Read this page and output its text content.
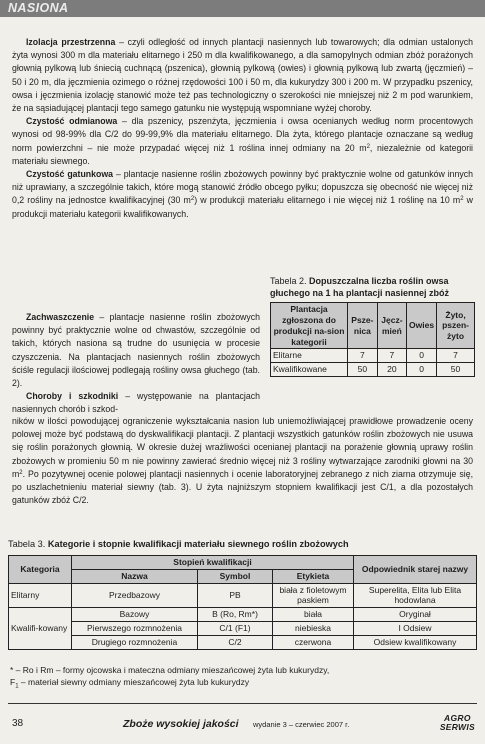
NASIONA

Izolacja przestrzenna – czyli odległość od innych plantacji nasiennych lub towarowych; dla odmian ustalonych żyta wynosi 300 m dla materiału elitarnego i 250 m dla kwalifikowanego, a dla samopylnych odmian zbóż porażonych głownią pylkową lub śniecią cuchnącą (pszenica), głownią pylkową (owies) i głownią pylkową lub zwartą (jęczmień) – 50 i 20 m, dla jęczmienia ozimego o różnej rzędowości 100 i 50 m, dla kukurydzy 300 i 200 m. W przypadku pszenicy, owsa i jęczmienia izolację stanowić może też pas technologiczny o szerokości nie mniejszej niż 2 m pod warunkiem, że na sąsiadującej plantacji tego samego gatunku nie występują wspomniane wyżej choroby.

Czystość odmianowa – dla pszenicy, pszenżyta, jęczmienia i owsa ocenianych według norm procentowych wynosi od 98-99% dla C/2 do 99-99,9% dla materiału elitarnego. Dla żyta, którego plantacje oznaczane są według norm powierzchni – nie może przypadać więcej niż 1 roślina innej odmiany na 20 $m^2$, niezależnie od kategorii materiału siewnego.

Czystość gatunkowa – plantacje nasienne roślin zbożowych powinny być praktycznie wolne od gatunków innych niż uprawiany, a szczególnie takich, które mogą stanowić źródło obcego pyłku; dopuszcza się obecność nie więcej niż 0,2 rośliny na jednostce kwalifikacyjnej (30 $m^2$) w produkcji materiału elitarnego i nie więcej niż 1 roślinę na 10 $m^2$ w produkcji materiału kategorii kwalifikowanych.

Zachwaszczenie – plantacje nasienne roślin zbożowych powinny być praktycznie wolne od chwastów, szczególnie od takich, których nasiona są trudne do usunięcia w procesie czyszczenia. Na plantacjach nasiennych roślin zbożowych ściśle regulacji ilościowej podlegają rośliny owsa głuchego (tab. 2).

Choroby i szkodniki – występowanie na plantacjach nasiennych chorób i szkod-

Tabela 2. Dopuszczalna liczba roślin owsa głuchego na 1 ha plantacji nasiennej zbóż
Plantacja zgłoszona do produkcji na-sion kategorii	Psze-nica	Jęcz-mień	Owies	Żyto, pszen-żyto
Elitarne	7	7	0	7
Kwalifikowane	50	20	0	50

ników w ilości powodującej ograniczenie wykształcania nasion lub uniemożliwiającej prawidłowe prowadzenie oceny polowej może być podstawą do dyskwalifikacji plantacji. Z plantacji wszystkich gatunków roślin zbożowych nie usuwa się roślin porażonych głownią. W okresie dużej wrażliwości ocenianej plantacji na porażenie głownią uprawy roślin zbożowych w promieniu 50 m nie powinny zawierać średnio więcej niż 3 rośliny wytwarzające zarodniki głowni na 30 $m^2$. Po pozytywnej ocenie polowej plantacji nasiennych i ocenie laboratoryjnej zebranego z nich ziarna otrzymuje się, po uszlachetnieniu materiał siewny (tab. 3). U żyta najniższym stopniem kwalifikacji jest C/1, a dla pozostałych gatunków zbóż C/2.

Tabela 3. Kategorie i stopnie kwalifikacji materiału siewnego roślin zbożowych
Kategoria	Stopień kwalifikacji			Odpowiednik starej nazwy
	Nazwa	Symbol	Etykieta	
Elitarny	Przedbazowy	PB	biała z fioletowym paskiem	Superelita, Elita lub Elita hodowlana
Kwalifi-kowany	Bazowy	B (Ro, Rm*)	biała	Oryginał
	Pierwszego rozmnożenia	C/1 (F1)	niebieska	I Odsiew
	Drugiego rozmnożenia	C/2	czerwona	Odsiew kwalifikowany
* – Ro i Rm – formy ojcowska i mateczna odmiany mieszańcowej żyta lub kukurydzy,
$F_1$ – materiał siewny odmiany mieszańcowej żyta lub kukurydzy
38	Zboże wysokiej jakości wydanie 3 – czerwiec 2007 r.
AGRO
SERWIS
